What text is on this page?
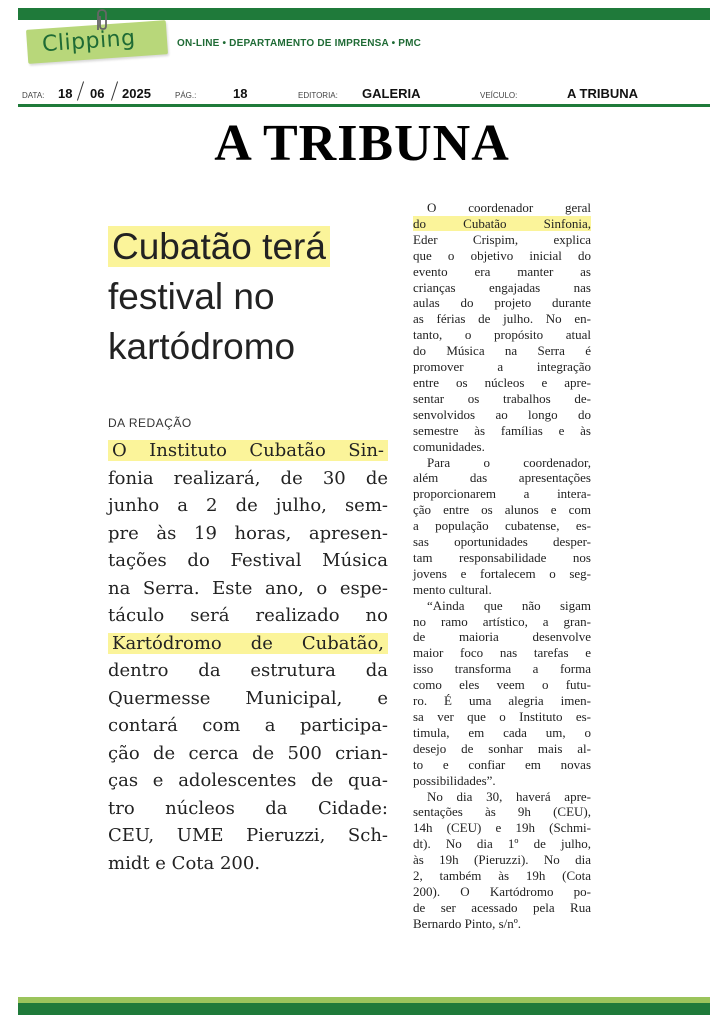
Clipping	ON-LINE • DEPARTAMENTO DE IMPRENSA • PMC
DATA: 18 06 2025	PÁG.:	18	EDITORIA: GALERIA	VEÍCULO:	A TRIBUNA
A TRIBUNA
Cubatão terá
festival no
kartódromo
DA REDAÇÃO
O Instituto Cubatão Sin-
fonia realizará, de 30 de
junho a 2 de julho, sem-
pre às 19 horas, apresen-
tações do Festival Música
na Serra. Este ano, o espe-
táculo será realizado no
Kartódromo de Cubatão,
dentro da estrutura da
Quermesse Municipal, e
contará com a participa-
ção de cerca de 500 crian-
ças e adolescentes de qua-
tro núcleos da Cidade:
CEU, UME Pieruzzi, Sch-
midt e Cota 200.
O coordenador geral
do Cubatão Sinfonia,
Eder Crispim, explica
que o objetivo inicial do
evento era manter as
crianças engajadas nas
aulas do projeto durante
as férias de julho. No en-
tanto, o propósito atual
do Música na Serra é
promover a integração
entre os núcleos e apre-
sentar os trabalhos de-
senvolvidos ao longo do
semestre às famílias e às
comunidades.
Para o coordenador,
além das apresentações
proporcionarem a intera-
ção entre os alunos e com
a população cubatense, es-
sas oportunidades desper-
tam responsabilidade nos
jovens e fortalecem o seg-
mento cultural.
“Ainda que não sigam
no ramo artístico, a gran-
de maioria desenvolve
maior foco nas tarefas e
isso transforma a forma
como eles veem o futu-
ro. É uma alegria imen-
sa ver que o Instituto es-
timula, em cada um, o
desejo de sonhar mais al-
to e confiar em novas
possibilidades”.
No dia 30, haverá apre-
sentações às 9h (CEU),
14h (CEU) e 19h (Schmi-
dt). No dia 1º de julho,
às 19h (Pieruzzi). No dia
2, também às 19h (Cota
200). O Kartódromo po-
de ser acessado pela Rua
Bernardo Pinto, s/nº.
